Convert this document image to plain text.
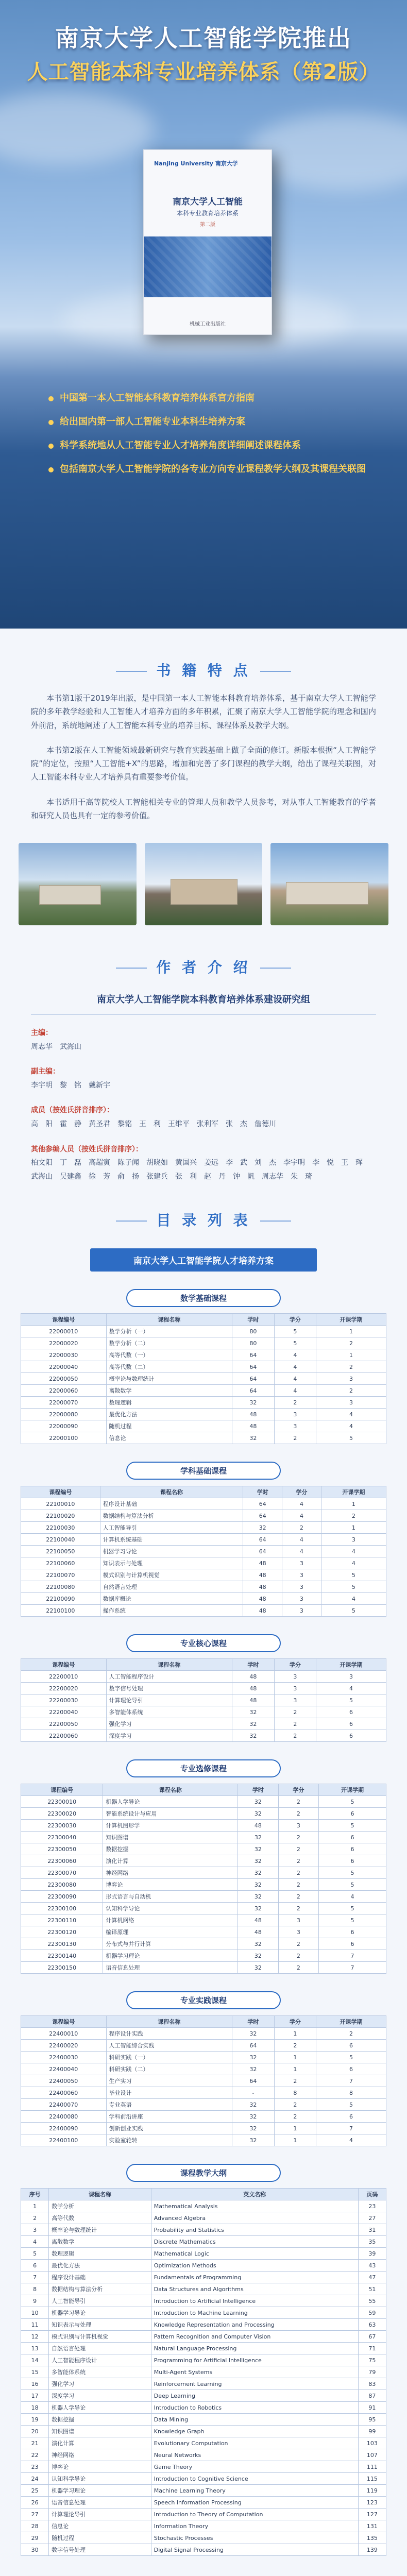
南京大学人工智能学院推出
人工智能本科专业培养体系（第2版）
Nanjing University 南京大学
南京大学人工智能
本科专业教育培养体系
第二版
机械工业出版社
中国第一本人工智能本科教育培养体系官方指南
给出国内第一部人工智能专业本科生培养方案
科学系统地从人工智能专业人才培养角度详细阐述课程体系
包括南京大学人工智能学院的各专业方向专业课程教学大纲及其课程关联图
书 籍 特 点

本书第1版于2019年出版，是中国第一本人工智能本科教育培养体系，基于南京大学人工智能学院的多年教学经验和人工智能人才培养方面的多年积累，汇聚了南京大学人工智能学院的理念和国内外前沿，系统地阐述了人工智能本科专业的培养目标、课程体系及教学大纲。

本书第2版在人工智能领域最新研究与教育实践基础上做了全面的修订。新版本根据“人工智能学院”的定位，按照“人工智能+X”的思路，增加和完善了多门课程的教学大纲，给出了课程关联图，对人工智能本科专业人才培养具有重要参考价值。

本书适用于高等院校人工智能相关专业的管理人员和教学人员参考，对从事人工智能教育的学者和研究人员也具有一定的参考价值。

作 者 介 绍
南京大学人工智能学院本科教育培养体系建设研究组
主编：
周志华　武海山
副主编：
李宇明　黎　铭　戴新宇
成员（按姓氏拼音排序）：
高　阳　霍　静　黄圣君　黎铭　王　利　王维平　张利军　张　杰　詹德川
其他参编人员（按姓氏拼音排序）：
柏文阳　丁　磊　高超寅　陈子闻　胡晓如　黄国兴　姜远　李　武　刘　杰　李宇明　李　悦　王　珲　武海山　吴建鑫　徐　芳　俞　扬　张建兵　张　利　赵　丹　钟　帆　周志华　朱　琦
目 录 列 表
南京大学人工智能学院人才培养方案
数学基础课程
课程编号	课程名称	学时	学分	开课学期
22000010	数学分析（一）	80	5	1
22000020	数学分析（二）	80	5	2
22000030	高等代数（一）	64	4	1
22000040	高等代数（二）	64	4	2
22000050	概率论与数理统计	64	4	3
22000060	离散数学	64	4	2
22000070	数理逻辑	32	2	3
22000080	最优化方法	48	3	4
22000090	随机过程	48	3	4
22000100	信息论	32	2	5
学科基础课程
课程编号	课程名称	学时	学分	开课学期
22100010	程序设计基础	64	4	1
22100020	数据结构与算法分析	64	4	2
22100030	人工智能导引	32	2	1
22100040	计算机系统基础	64	4	3
22100050	机器学习导论	64	4	4
22100060	知识表示与处理	48	3	4
22100070	模式识别与计算机视觉	48	3	5
22100080	自然语言处理	48	3	5
22100090	数据库概论	48	3	4
22100100	操作系统	48	3	5
专业核心课程
课程编号	课程名称	学时	学分	开课学期
22200010	人工智能程序设计	48	3	3
22200020	数字信号处理	48	3	4
22200030	计算理论导引	48	3	5
22200040	多智能体系统	32	2	6
22200050	强化学习	32	2	6
22200060	深度学习	32	2	6
专业选修课程
课程编号	课程名称	学时	学分	开课学期
22300010	机器人学导论	32	2	5
22300020	智能系统设计与应用	32	2	6
22300030	计算机图形学	48	3	5
22300040	知识图谱	32	2	6
22300050	数据挖掘	32	2	6
22300060	演化计算	32	2	6
22300070	神经网络	32	2	5
22300080	博弈论	32	2	5
22300090	形式语言与自动机	32	2	4
22300100	认知科学导论	32	2	5
22300110	计算机网络	48	3	5
22300120	编译原理	48	3	6
22300130	分布式与并行计算	32	2	6
22300140	机器学习理论	32	2	7
22300150	语音信息处理	32	2	7
专业实践课程
课程编号	课程名称	学时	学分	开课学期
22400010	程序设计实践	32	1	2
22400020	人工智能综合实践	64	2	6
22400030	科研实践（一）	32	1	5
22400040	科研实践（二）	32	1	6
22400050	生产实习	64	2	7
22400060	毕业设计	-	8	8
22400070	专业英语	32	2	5
22400080	学科前沿讲座	32	2	6
22400090	创新创业实践	32	1	7
22400100	实验室轮转	32	1	4
课程教学大纲
序号	课程名称	英文名称	页码
1	数学分析	Mathematical Analysis	23
2	高等代数	Advanced Algebra	27
3	概率论与数理统计	Probability and Statistics	31
4	离散数学	Discrete Mathematics	35
5	数理逻辑	Mathematical Logic	39
6	最优化方法	Optimization Methods	43
7	程序设计基础	Fundamentals of Programming	47
8	数据结构与算法分析	Data Structures and Algorithms	51
9	人工智能导引	Introduction to Artificial Intelligence	55
10	机器学习导论	Introduction to Machine Learning	59
11	知识表示与处理	Knowledge Representation and Processing	63
12	模式识别与计算机视觉	Pattern Recognition and Computer Vision	67
13	自然语言处理	Natural Language Processing	71
14	人工智能程序设计	Programming for Artificial Intelligence	75
15	多智能体系统	Multi-Agent Systems	79
16	强化学习	Reinforcement Learning	83
17	深度学习	Deep Learning	87
18	机器人学导论	Introduction to Robotics	91
19	数据挖掘	Data Mining	95
20	知识图谱	Knowledge Graph	99
21	演化计算	Evolutionary Computation	103
22	神经网络	Neural Networks	107
23	博弈论	Game Theory	111
24	认知科学导论	Introduction to Cognitive Science	115
25	机器学习理论	Machine Learning Theory	119
26	语音信息处理	Speech Information Processing	123
27	计算理论导引	Introduction to Theory of Computation	127
28	信息论	Information Theory	131
29	随机过程	Stochastic Processes	135
30	数字信号处理	Digital Signal Processing	139
